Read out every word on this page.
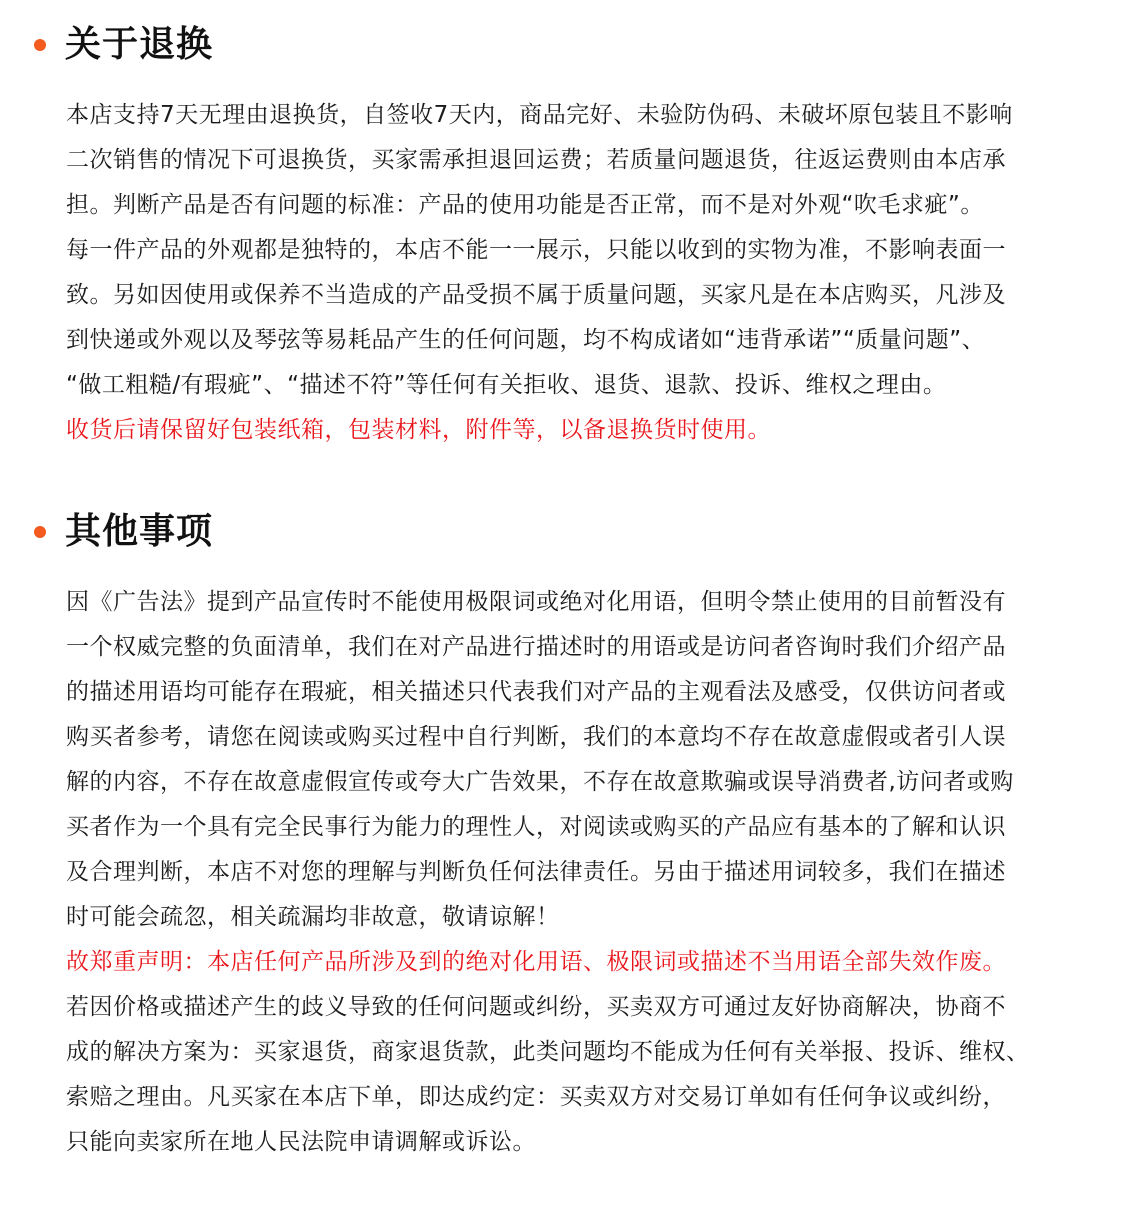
关于退换
本店支持7天无理由退换货，自签收7天内，商品完好、未验防伪码、未破坏原包装且不影响
二次销售的情况下可退换货，买家需承担退回运费；若质量问题退货，往返运费则由本店承
担。判断产品是否有问题的标准：产品的使用功能是否正常，而不是对外观“吹毛求疵”。
每一件产品的外观都是独特的，本店不能一一展示，只能以收到的实物为准，不影响表面一
致。另如因使用或保养不当造成的产品受损不属于质量问题，买家凡是在本店购买，凡涉及
到快递或外观以及琴弦等易耗品产生的任何问题，均不构成诸如“违背承诺”“质量问题”、
“做工粗糙/有瑕疵”、“描述不符”等任何有关拒收、退货、退款、投诉、维权之理由。
收货后请保留好包装纸箱，包装材料，附件等，以备退换货时使用。
其他事项
因《广告法》提到产品宣传时不能使用极限词或绝对化用语，但明令禁止使用的目前暂没有
一个权威完整的负面清单，我们在对产品进行描述时的用语或是访问者咨询时我们介绍产品
的描述用语均可能存在瑕疵，相关描述只代表我们对产品的主观看法及感受，仅供访问者或
购买者参考，请您在阅读或购买过程中自行判断，我们的本意均不存在故意虚假或者引人误
解的内容，不存在故意虚假宣传或夸大广告效果，不存在故意欺骗或误导消费者,访问者或购
买者作为一个具有完全民事行为能力的理性人，对阅读或购买的产品应有基本的了解和认识
及合理判断，本店不对您的理解与判断负任何法律责任。另由于描述用词较多，我们在描述
时可能会疏忽，相关疏漏均非故意，敬请谅解！
故郑重声明：本店任何产品所涉及到的绝对化用语、极限词或描述不当用语全部失效作废。
若因价格或描述产生的歧义导致的任何问题或纠纷，买卖双方可通过友好协商解决，协商不
成的解决方案为：买家退货，商家退货款，此类问题均不能成为任何有关举报、投诉、维权、
索赔之理由。凡买家在本店下单，即达成约定：买卖双方对交易订单如有任何争议或纠纷，
只能向卖家所在地人民法院申请调解或诉讼。
